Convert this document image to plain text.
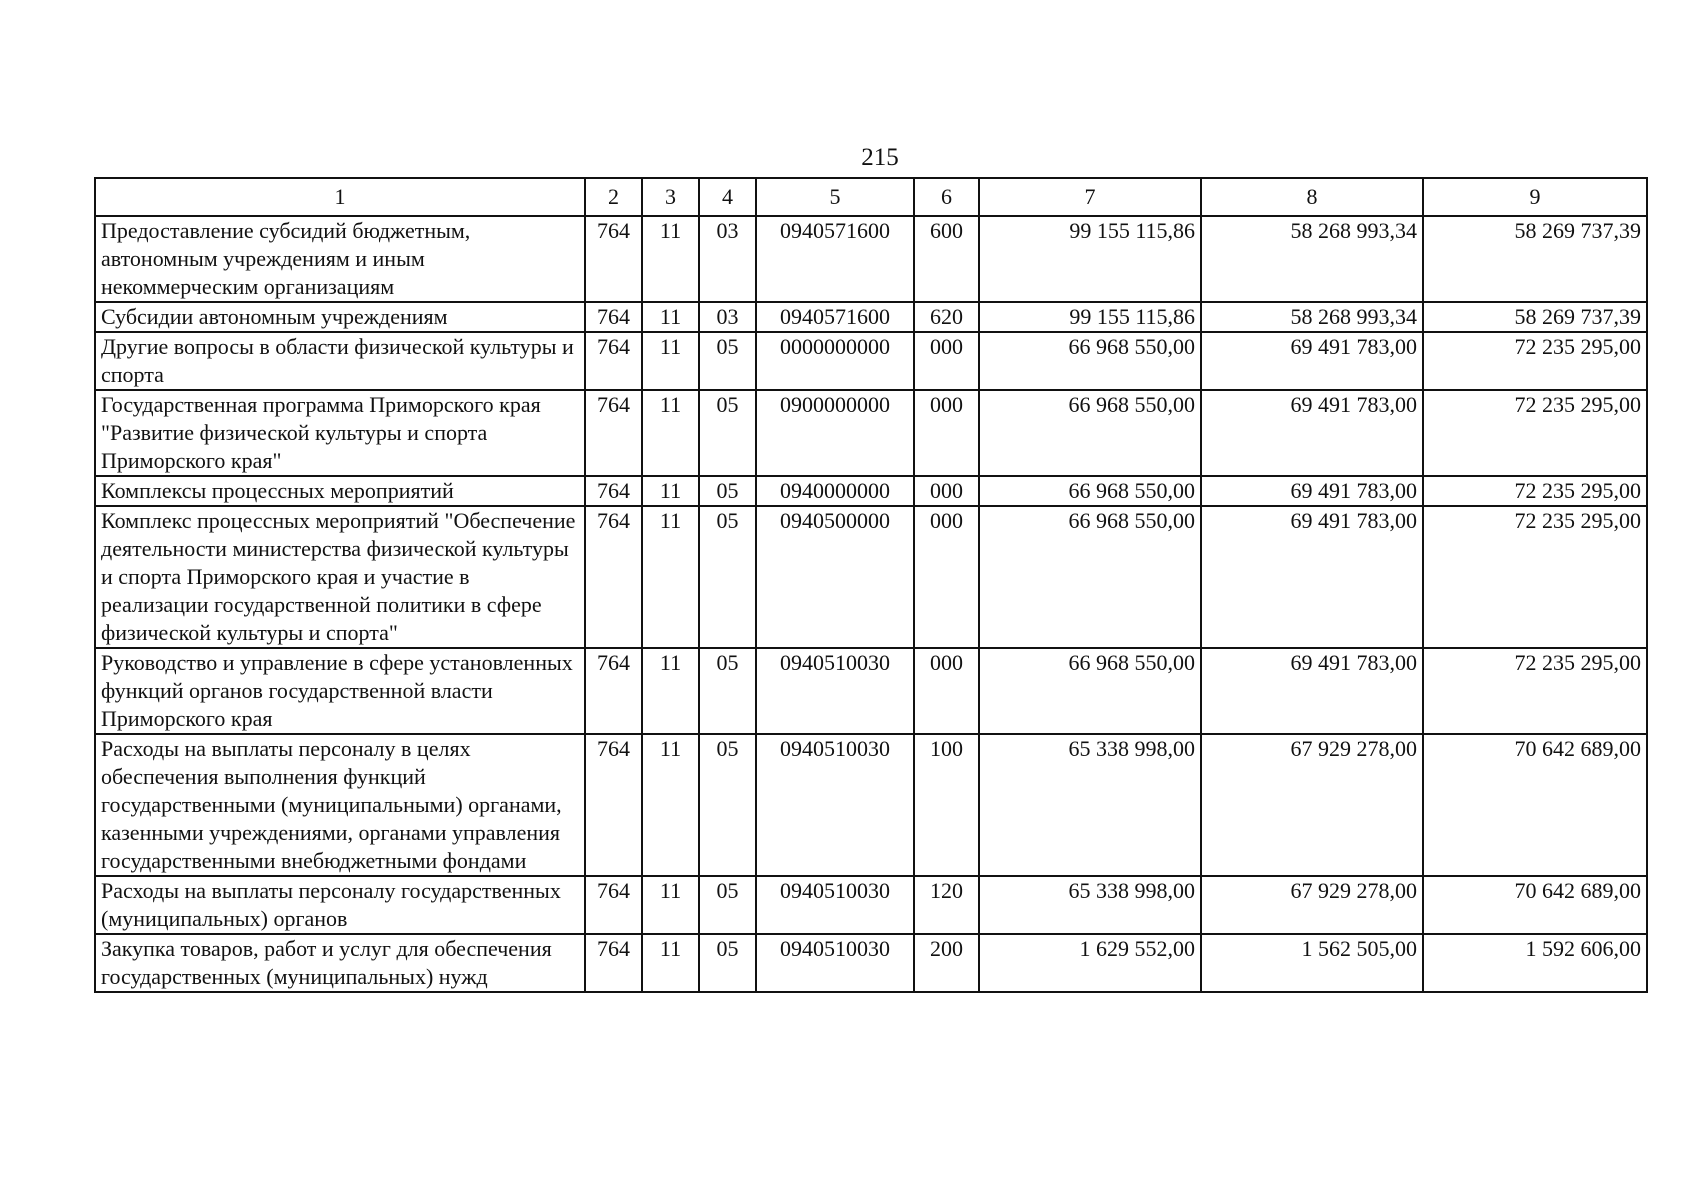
215
1	2	3	4	5	6	7	8	9
Предоставление субсидий бюджетным, автономным учреждениям и иным некоммерческим организациям	764	11	03	0940571600	600	99 155 115,86	58 268 993,34	58 269 737,39
Субсидии автономным учреждениям	764	11	03	0940571600	620	99 155 115,86	58 268 993,34	58 269 737,39
Другие вопросы в области физической культуры и спорта	764	11	05	0000000000	000	66 968 550,00	69 491 783,00	72 235 295,00
Государственная программа Приморского края "Развитие физической культуры и спорта Приморского края"	764	11	05	0900000000	000	66 968 550,00	69 491 783,00	72 235 295,00
Комплексы процессных мероприятий	764	11	05	0940000000	000	66 968 550,00	69 491 783,00	72 235 295,00
Комплекс процессных мероприятий "Обеспечение деятельности министерства физической культуры и спорта Приморского края и участие в реализации государственной политики в сфере физической культуры и спорта"	764	11	05	0940500000	000	66 968 550,00	69 491 783,00	72 235 295,00
Руководство и управление в сфере установленных функций органов государственной власти Приморского края	764	11	05	0940510030	000	66 968 550,00	69 491 783,00	72 235 295,00
Расходы на выплаты персоналу в целях обеспечения выполнения функций государственными (муниципальными) органами, казенными учреждениями, органами управления государственными внебюджетными фондами	764	11	05	0940510030	100	65 338 998,00	67 929 278,00	70 642 689,00
Расходы на выплаты персоналу государственных (муниципальных) органов	764	11	05	0940510030	120	65 338 998,00	67 929 278,00	70 642 689,00
Закупка товаров, работ и услуг для обеспечения государственных (муниципальных) нужд	764	11	05	0940510030	200	1 629 552,00	1 562 505,00	1 592 606,00
